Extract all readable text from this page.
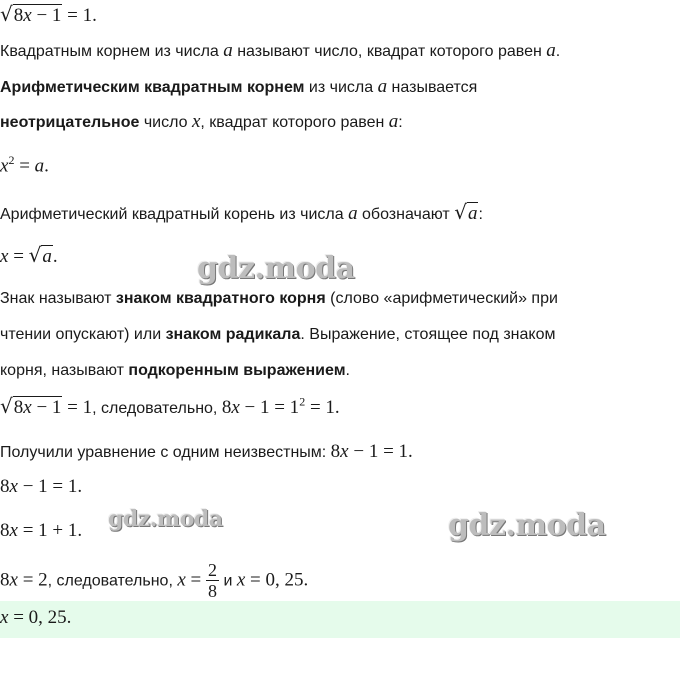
√8x − 1 = 1.
Квадратным корнем из числа a называют число, квадрат которого равен a.
Арифметическим квадратным корнем из числа a называется
неотрицательное число x, квадрат которого равен a:
$x^2 = a$.
Арифметический квадратный корень из числа a обозначают √a:
x = √a.
Знак называют знаком квадратного корня (слово «арифметический» при
чтении опускают) или знаком радикала. Выражение, стоящее под знаком
корня, называют подкоренным выражением.
√8x − 1 = 1, следовательно, $8x - 1 = 1^2 = 1$.
Получили уравнение с одним неизвестным: 8x − 1 = 1.
8x − 1 = 1.
8x = 1 + 1.
8x = 2, следовательно, $x = \frac{2}{8}$ и x = 0, 25.
x = 0, 25.
gdz.moda
gdz.moda	gdz.moda
